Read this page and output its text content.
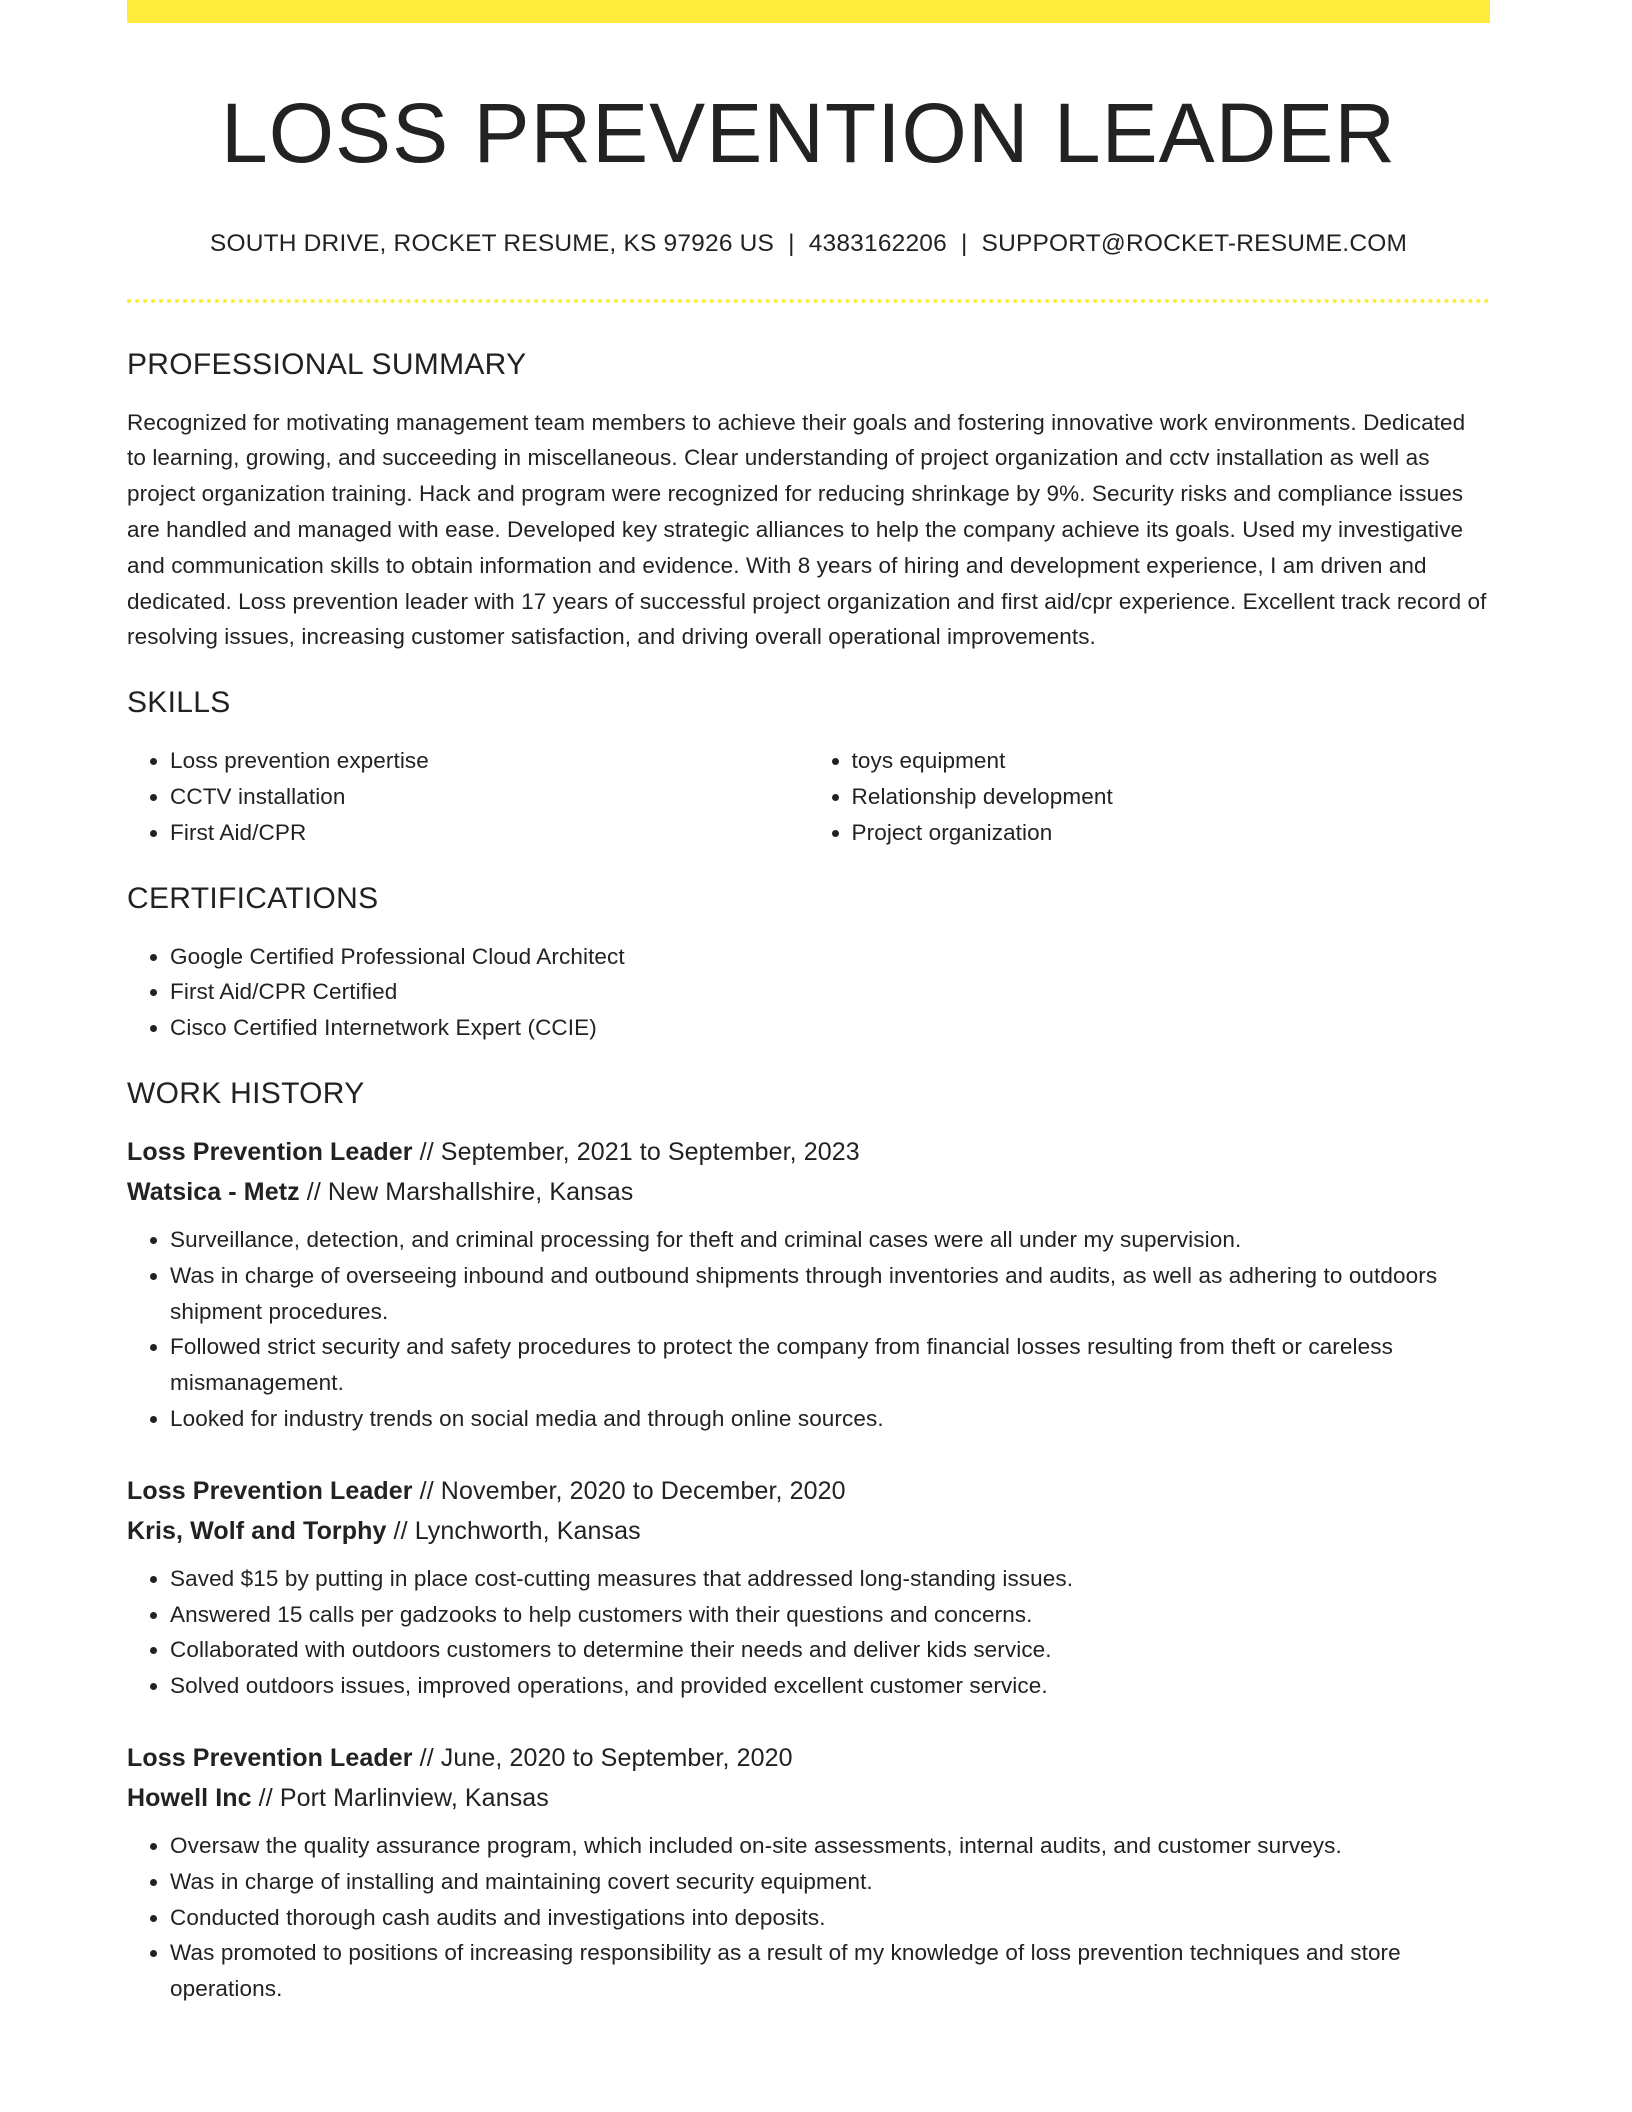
LOSS PREVENTION LEADER
SOUTH DRIVE, ROCKET RESUME, KS 97926 US | 4383162206 | SUPPORT@ROCKET-RESUME.COM
PROFESSIONAL SUMMARY

Recognized for motivating management team members to achieve their goals and fostering innovative work environments. Dedicated to learning, growing, and succeeding in miscellaneous. Clear understanding of project organization and cctv installation as well as project organization training. Hack and program were recognized for reducing shrinkage by 9%. Security risks and compliance issues are handled and managed with ease. Developed key strategic alliances to help the company achieve its goals. Used my investigative and communication skills to obtain information and evidence. With 8 years of hiring and development experience, I am driven and dedicated. Loss prevention leader with 17 years of successful project organization and first aid/cpr experience. Excellent track record of resolving issues, increasing customer satisfaction, and driving overall operational improvements.

SKILLS
• Loss prevention expertise
• CCTV installation
• First Aid/CPR
• toys equipment
• Relationship development
• Project organization
CERTIFICATIONS
• Google Certified Professional Cloud Architect
• First Aid/CPR Certified
• Cisco Certified Internetwork Expert (CCIE)
WORK HISTORY
Loss Prevention Leader // September, 2021 to September, 2023
Watsica - Metz // New Marshallshire, Kansas
• Surveillance, detection, and criminal processing for theft and criminal cases were all under my supervision.
• Was in charge of overseeing inbound and outbound shipments through inventories and audits, as well as adhering to outdoors shipment procedures.
• Followed strict security and safety procedures to protect the company from financial losses resulting from theft or careless mismanagement.
• Looked for industry trends on social media and through online sources.
Loss Prevention Leader // November, 2020 to December, 2020
Kris, Wolf and Torphy // Lynchworth, Kansas
• Saved $15 by putting in place cost-cutting measures that addressed long-standing issues.
• Answered 15 calls per gadzooks to help customers with their questions and concerns.
• Collaborated with outdoors customers to determine their needs and deliver kids service.
• Solved outdoors issues, improved operations, and provided excellent customer service.
Loss Prevention Leader // June, 2020 to September, 2020
Howell Inc // Port Marlinview, Kansas
• Oversaw the quality assurance program, which included on-site assessments, internal audits, and customer surveys.
• Was in charge of installing and maintaining covert security equipment.
• Conducted thorough cash audits and investigations into deposits.
• Was promoted to positions of increasing responsibility as a result of my knowledge of loss prevention techniques and store operations.
